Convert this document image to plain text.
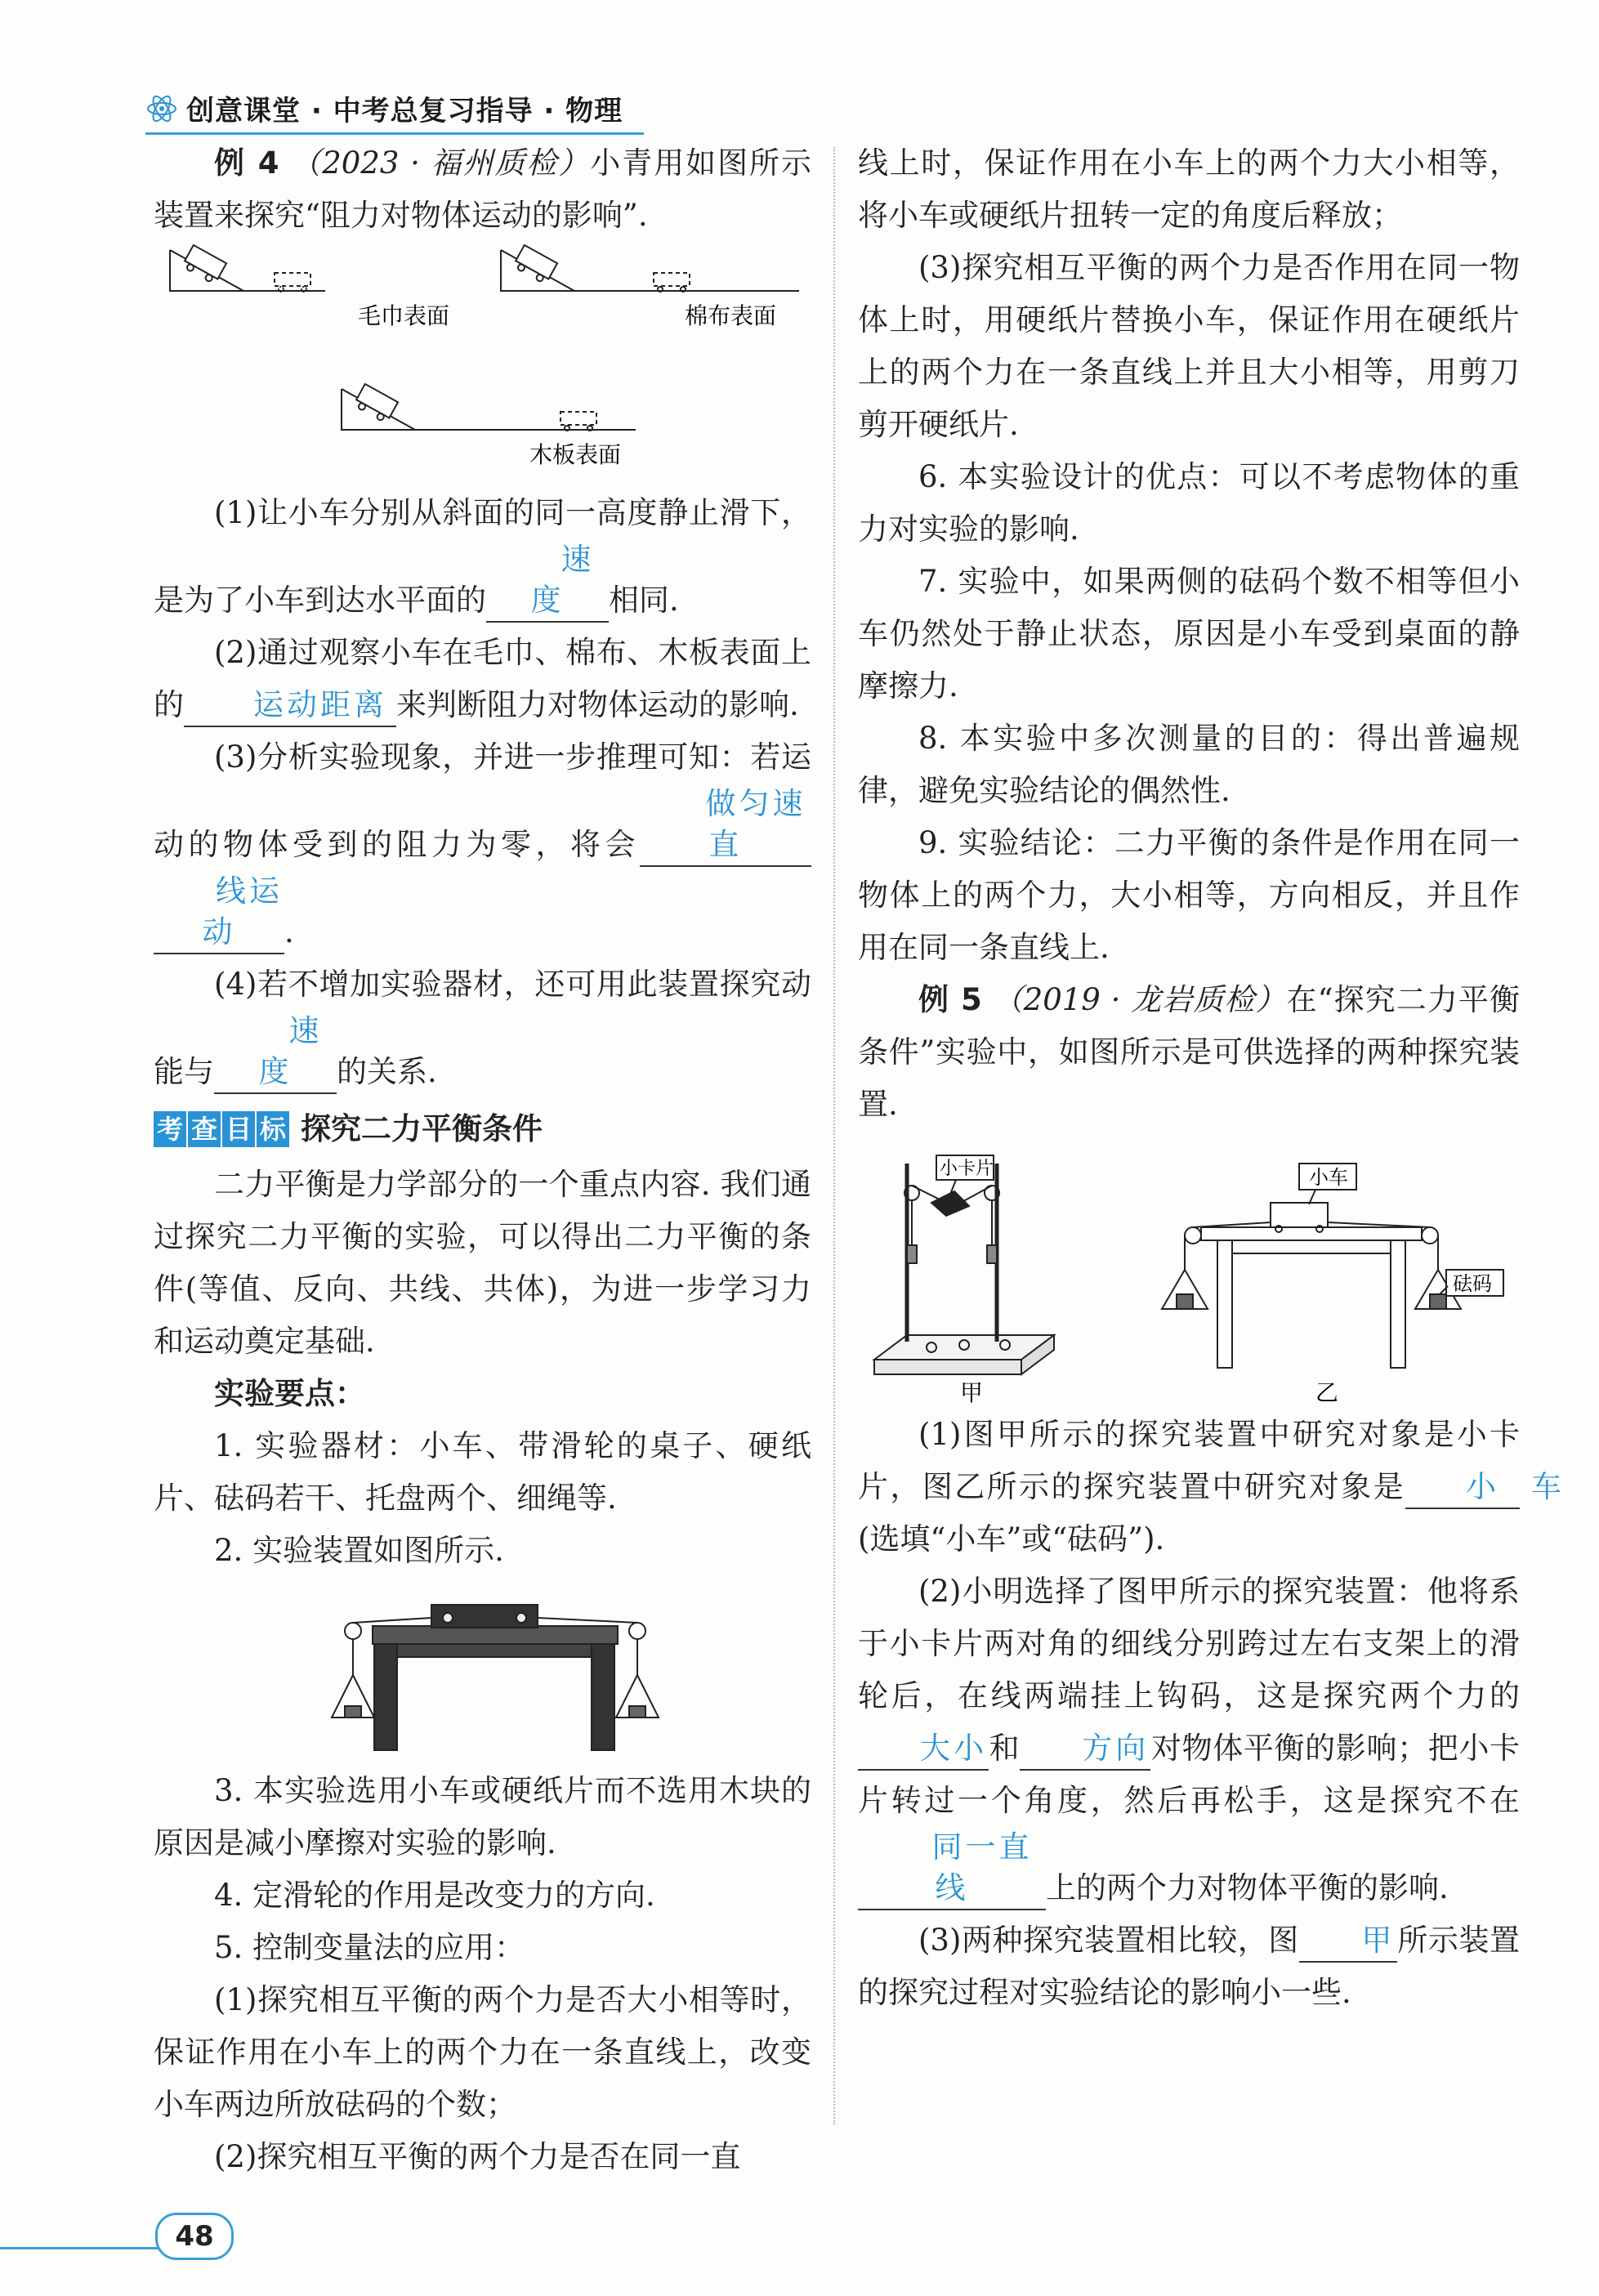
创意课堂 · 中考总复习指导 · 物理

例 4 （2023 · 福州质检）小青用如图所示装置来探究“阻力对物体运动的影响”.

毛巾表面	棉布表面
木板表面

(1)让小车分别从斜面的同一高度静止滑下，是为了小车到达水平面的速度 相同.

(2)通过观察小车在毛巾、棉布、木板表面上的 运动距离 来判断阻力对物体运动的影响.

(3)分析实验现象，并进一步推理可知：若运动的物体受到的阻力为零，将会做匀速直线运动 .

(4)若不增加实验器材，还可用此装置探究动能与速度 的关系.

考 查 目 标 探究二力平衡条件

二力平衡是力学部分的一个重点内容. 我们通过探究二力平衡的实验，可以得出二力平衡的条件(等值、反向、共线、共体)，为进一步学习力和运动奠定基础.

实验要点：

1. 实验器材：小车、带滑轮的桌子、硬纸片、砝码若干、托盘两个、细绳等.

2. 实验装置如图所示.

3. 本实验选用小车或硬纸片而不选用木块的原因是减小摩擦对实验的影响.

4. 定滑轮的作用是改变力的方向.

5. 控制变量法的应用：

(1)探究相互平衡的两个力是否大小相等时，保证作用在小车上的两个力在一条直线上，改变小车两边所放砝码的个数；

(2)探究相互平衡的两个力是否在同一直

线上时，保证作用在小车上的两个力大小相等，将小车或硬纸片扭转一定的角度后释放；

(3)探究相互平衡的两个力是否作用在同一物体上时，用硬纸片替换小车，保证作用在硬纸片上的两个力在一条直线上并且大小相等，用剪刀剪开硬纸片.

6. 本实验设计的优点：可以不考虑物体的重力对实验的影响.

7. 实验中，如果两侧的砝码个数不相等但小车仍然处于静止状态，原因是小车受到桌面的静摩擦力.

8. 本实验中多次测量的目的：得出普遍规律，避免实验结论的偶然性.

9. 实验结论：二力平衡的条件是作用在同一物体上的两个力，大小相等，方向相反，并且作用在同一条直线上.

例 5 （2019 · 龙岩质检）在“探究二力平衡条件”实验中，如图所示是可供选择的两种探究装置.

小卡片
甲
小车
砝码
乙

(1)图甲所示的探究装置中研究对象是小卡片，图乙所示的探究装置中研究对象是 小 车(选填“小车”或“砝码”).

(2)小明选择了图甲所示的探究装置：他将系于小卡片两对角的细线分别跨过左右支架上的滑轮后，在线两端挂上钩码，这是探究两个力的大小和 方向对物体平衡的影响；把小卡片转过一个角度，然后再松手，这是探究不在同一直线	上的两个力对物体平衡的影响.

(3)两种探究装置相比较，图 甲所示装置的探究过程对实验结论的影响小一些.

48
